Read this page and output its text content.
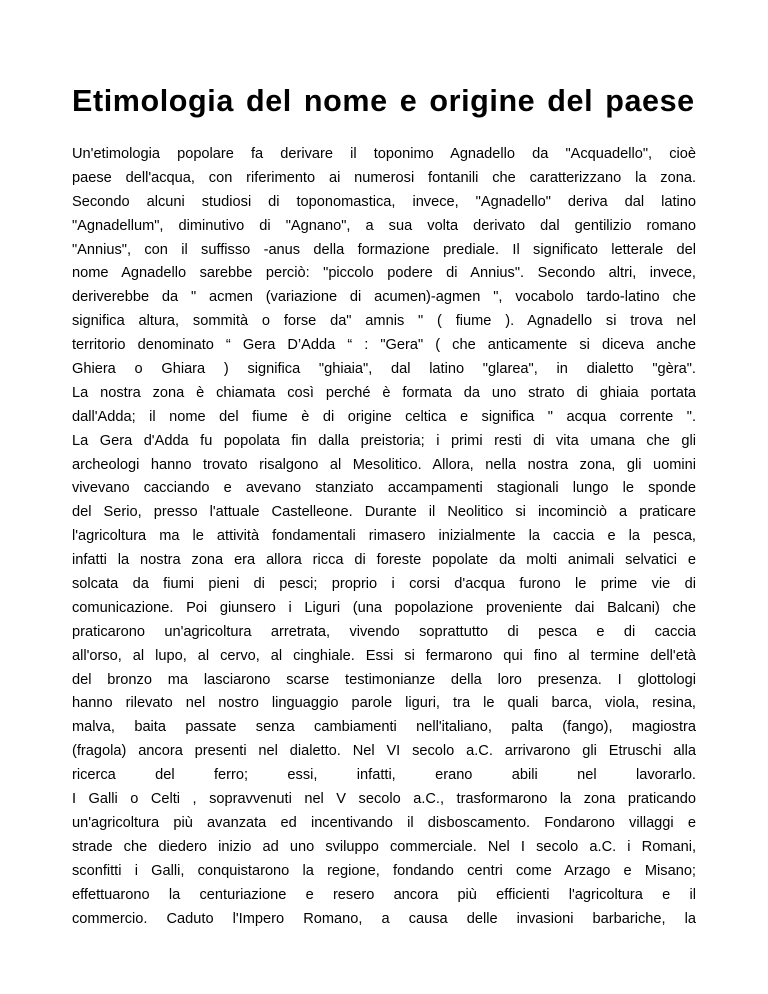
Etimologia del nome e origine del paese
Un'etimologia popolare fa derivare il toponimo Agnadello da "Acquadello", cioè
paese dell'acqua, con riferimento ai numerosi fontanili che caratterizzano la zona.
Secondo alcuni studiosi di toponomastica, invece, "Agnadello" deriva dal latino
"Agnadellum", diminutivo di "Agnano", a sua volta derivato dal gentilizio romano
"Annius", con il suffisso -anus della formazione prediale. Il significato letterale del
nome Agnadello sarebbe perciò: "piccolo podere di Annius". Secondo altri, invece,
deriverebbe da " acmen (variazione di acumen)-agmen ", vocabolo tardo-latino che
significa altura, sommità o forse da" amnis " ( fiume ). Agnadello si trova nel
territorio denominato “ Gera D’Adda “ : "Gera" ( che anticamente si diceva anche
Ghiera o Ghiara ) significa "ghiaia", dal latino "glarea", in dialetto "gèra".
La nostra zona è chiamata così perché è formata da uno strato di ghiaia portata
dall'Adda; il nome del fiume è di origine celtica e significa " acqua corrente ".
La Gera d'Adda fu popolata fin dalla preistoria; i primi resti di vita umana che gli
archeologi hanno trovato risalgono al Mesolitico. Allora, nella nostra zona, gli uomini
vivevano cacciando e avevano stanziato accampamenti stagionali lungo le sponde
del Serio, presso l'attuale Castelleone. Durante il Neolitico si incominciò a praticare
l'agricoltura ma le attività fondamentali rimasero inizialmente la caccia e la pesca,
infatti la nostra zona era allora ricca di foreste popolate da molti animali selvatici e
solcata da fiumi pieni di pesci; proprio i corsi d'acqua furono le prime vie di
comunicazione. Poi giunsero i Liguri (una popolazione proveniente dai Balcani) che
praticarono un'agricoltura arretrata, vivendo soprattutto di pesca e di caccia
all'orso, al lupo, al cervo, al cinghiale. Essi si fermarono qui fino al termine dell'età
del bronzo ma lasciarono scarse testimonianze della loro presenza. I glottologi
hanno rilevato nel nostro linguaggio parole liguri, tra le quali barca, viola, resina,
malva, baita passate senza cambiamenti nell'italiano, palta (fango), magiostra
(fragola) ancora presenti nel dialetto. Nel VI secolo a.C. arrivarono gli Etruschi alla
ricerca del ferro; essi, infatti, erano abili nel lavorarlo.
I Galli o Celti , sopravvenuti nel V secolo a.C., trasformarono la zona praticando
un'agricoltura più avanzata ed incentivando il disboscamento. Fondarono villaggi e
strade che diedero inizio ad uno sviluppo commerciale. Nel I secolo a.C. i Romani,
sconfitti i Galli, conquistarono la regione, fondando centri come Arzago e Misano;
effettuarono la centuriazione e resero ancora più efficienti l'agricoltura e il
commercio. Caduto l'Impero Romano, a causa delle invasioni barbariche, la
